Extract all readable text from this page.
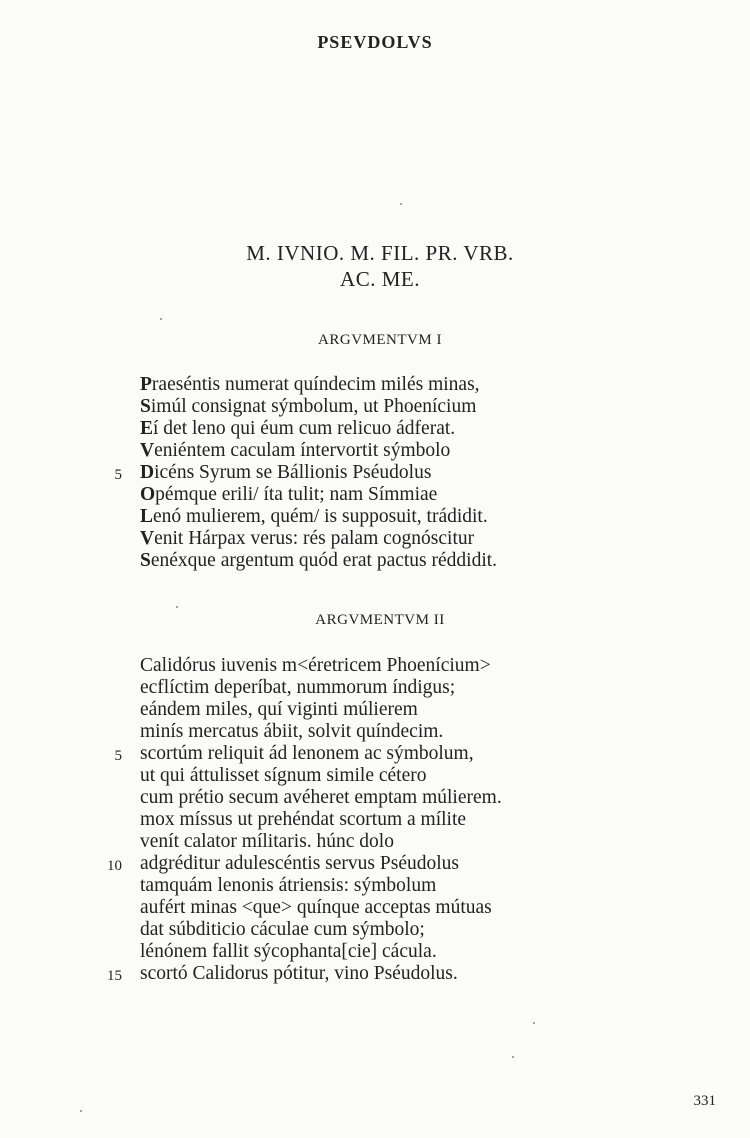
PSEVDOLVS
M. IVNIO. M. FIL. PR. VRB.
AC. ME.
ARGVMENTVM I
Praeséntis numerat quíndecim milés minas,
Simúl consignat sýmbolum, ut Phoenícium
Eí det leno qui éum cum relicuo ádferat.
Veniéntem caculam íntervortit sýmbolo
5 Dicéns Syrum se Bállionis Pséudolus
Opémque erili/ íta tulit; nam Símmiae
Lenó mulierem, quém/ is supposuit, trádidit.
Venit Hárpax verus: rés palam cognóscitur
Senéxque argentum quód erat pactus réddidit.
ARGVMENTVM II
Calidórus iuvenis m<éretricem Phoenícium>
ecflíctim deperíbat, nummorum índigus;
eándem miles, quí viginti múlierem
minís mercatus ábiit, solvit quíndecim.
5 scortúm reliquit ád lenonem ac sýmbolum,
ut qui áttulisset sígnum simile cétero
cum prétio secum avéheret emptam múlierem.
mox míssus ut prehéndat scortum a mílite
venít calator mílitaris. húnc dolo
10 adgréditur adulescéntis servus Pséudolus
tamquám lenonis átriensis: sýmbolum
aufért minas <que> quínque acceptas mútuas
dat súbditicio cáculae cum sýmbolo;
lénónem fallit sýcophanta[cie] cácula.
15 scortó Calidorus pótitur, vino Pséudolus.
331
